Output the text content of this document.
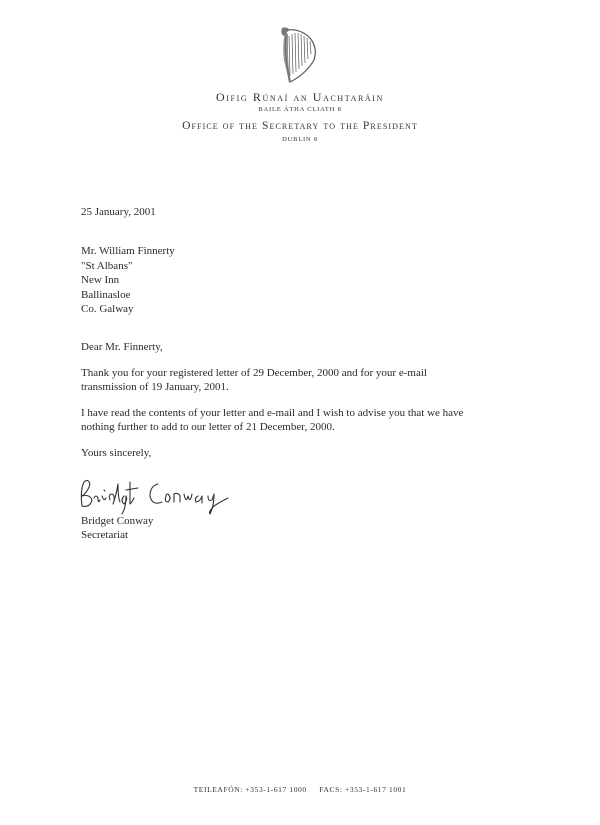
Oifig Rúnaí an Uachtaráin
BAILE ÁTHA CLIATH 8
Office of the Secretary to the President
DUBLIN 8
25 January, 2001
Mr. William Finnerty
"St Albans"
New Inn
Ballinasloe
Co. Galway
Dear Mr. Finnerty,
Thank you for your registered letter of 29 December, 2000 and for your e-mail
transmission of 19 January, 2001.
I have read the contents of your letter and e-mail and I wish to advise you that we have
nothing further to add to our letter of 21 December, 2000.
Yours sincerely,
Bridget Conway
Secretariat
TEILEAFÓN: +353-1-617 1000 FACS: +353-1-617 1001
